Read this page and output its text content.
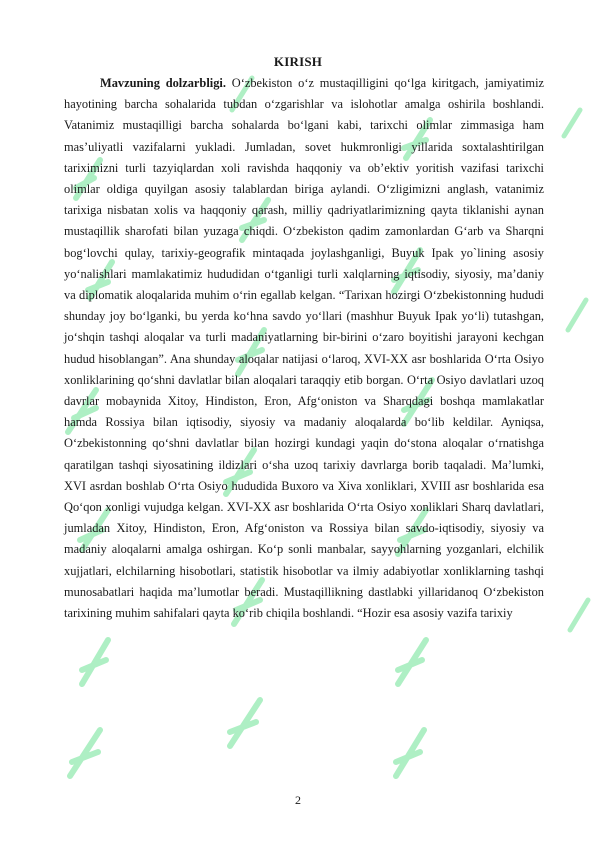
KIRISH

Mavzuning dolzarbligi. O‘zbekiston o‘z mustaqilligini qo‘lga kiritgach, jamiyatimiz hayotining barcha sohalarida tubdan o‘zgarishlar va islohotlar amalga oshirila boshlandi. Vatanimiz mustaqilligi barcha sohalarda bo‘lgani kabi, tarixchi olimlar zimmasiga ham mas’uliyatli vazifalarni yukladi. Jumladan, sovet hukmronligi yillarida soxtalashtirilgan tariximizni turli tazyiqlardan xoli ravishda haqqoniy va ob’ektiv yoritish vazifasi tarixchi olimlar oldiga quyilgan asosiy talablardan biriga aylandi. O‘zligimizni anglash, vatanimiz tarixiga nisbatan xolis va haqqoniy qarash, milliy qadriyatlarimizning qayta tiklanishi aynan mustaqillik sharofati bilan yuzaga chiqdi. O‘zbekiston qadim zamonlardan G‘arb va Sharqni bog‘lovchi qulay, tarixiy-geografik mintaqada joylashganligi, Buyuk Ipak yo`lining asosiy yo‘nalishlari mamlakatimiz hududidan o‘tganligi turli xalqlarning iqtisodiy, siyosiy, ma’daniy va diplomatik aloqalarida muhim o‘rin egallab kelgan. “Tarixan hozirgi O‘zbekistonning hududi shunday joy bo‘lganki, bu yerda ko‘hna savdo yo‘llari (mashhur Buyuk Ipak yo‘li) tutashgan, jo‘shqin tashqi aloqalar va turli madaniyatlarning bir-birini o‘zaro boyitishi jarayoni kechgan hudud hisoblangan”. Ana shunday aloqalar natijasi o‘laroq, XVI-XX asr boshlarida O‘rta Osiyo xonliklarining qo‘shni davlatlar bilan aloqalari taraqqiy etib borgan. O‘rta Osiyo davlatlari uzoq davrlar mobaynida Xitoy, Hindiston, Eron, Afg‘oniston va Sharqdagi boshqa mamlakatlar hamda Rossiya bilan iqtisodiy, siyosiy va madaniy aloqalarda bo‘lib keldilar. Ayniqsa, O‘zbekistonning qo‘shni davlatlar bilan hozirgi kundagi yaqin do‘stona aloqalar o‘rnatishga qaratilgan tashqi siyosatining ildizlari o‘sha uzoq tarixiy davrlarga borib taqaladi. Ma’lumki, XVI asrdan boshlab O‘rta Osiyo hududida Buxoro va Xiva xonliklari, XVIII asr boshlarida esa Qo‘qon xonligi vujudga kelgan. XVI-XX asr boshlarida O‘rta Osiyo xonliklari Sharq davlatlari, jumladan Xitoy, Hindiston, Eron, Afg‘oniston va Rossiya bilan savdo-iqtisodiy, siyosiy va madaniy aloqalarni amalga oshirgan. Ko‘p sonli manbalar, sayyohlarning yozganlari, elchilik xujjatlari, elchilarning hisobotlari, statistik hisobotlar va ilmiy adabiyotlar xonliklarning tashqi munosabatlari haqida ma’lumotlar beradi. Mustaqillikning dastlabki yillaridanoq O‘zbekiston tarixining muhim sahifalari qayta ko‘rib chiqila boshlandi. “Hozir esa asosiy vazifa tarixiy

2
